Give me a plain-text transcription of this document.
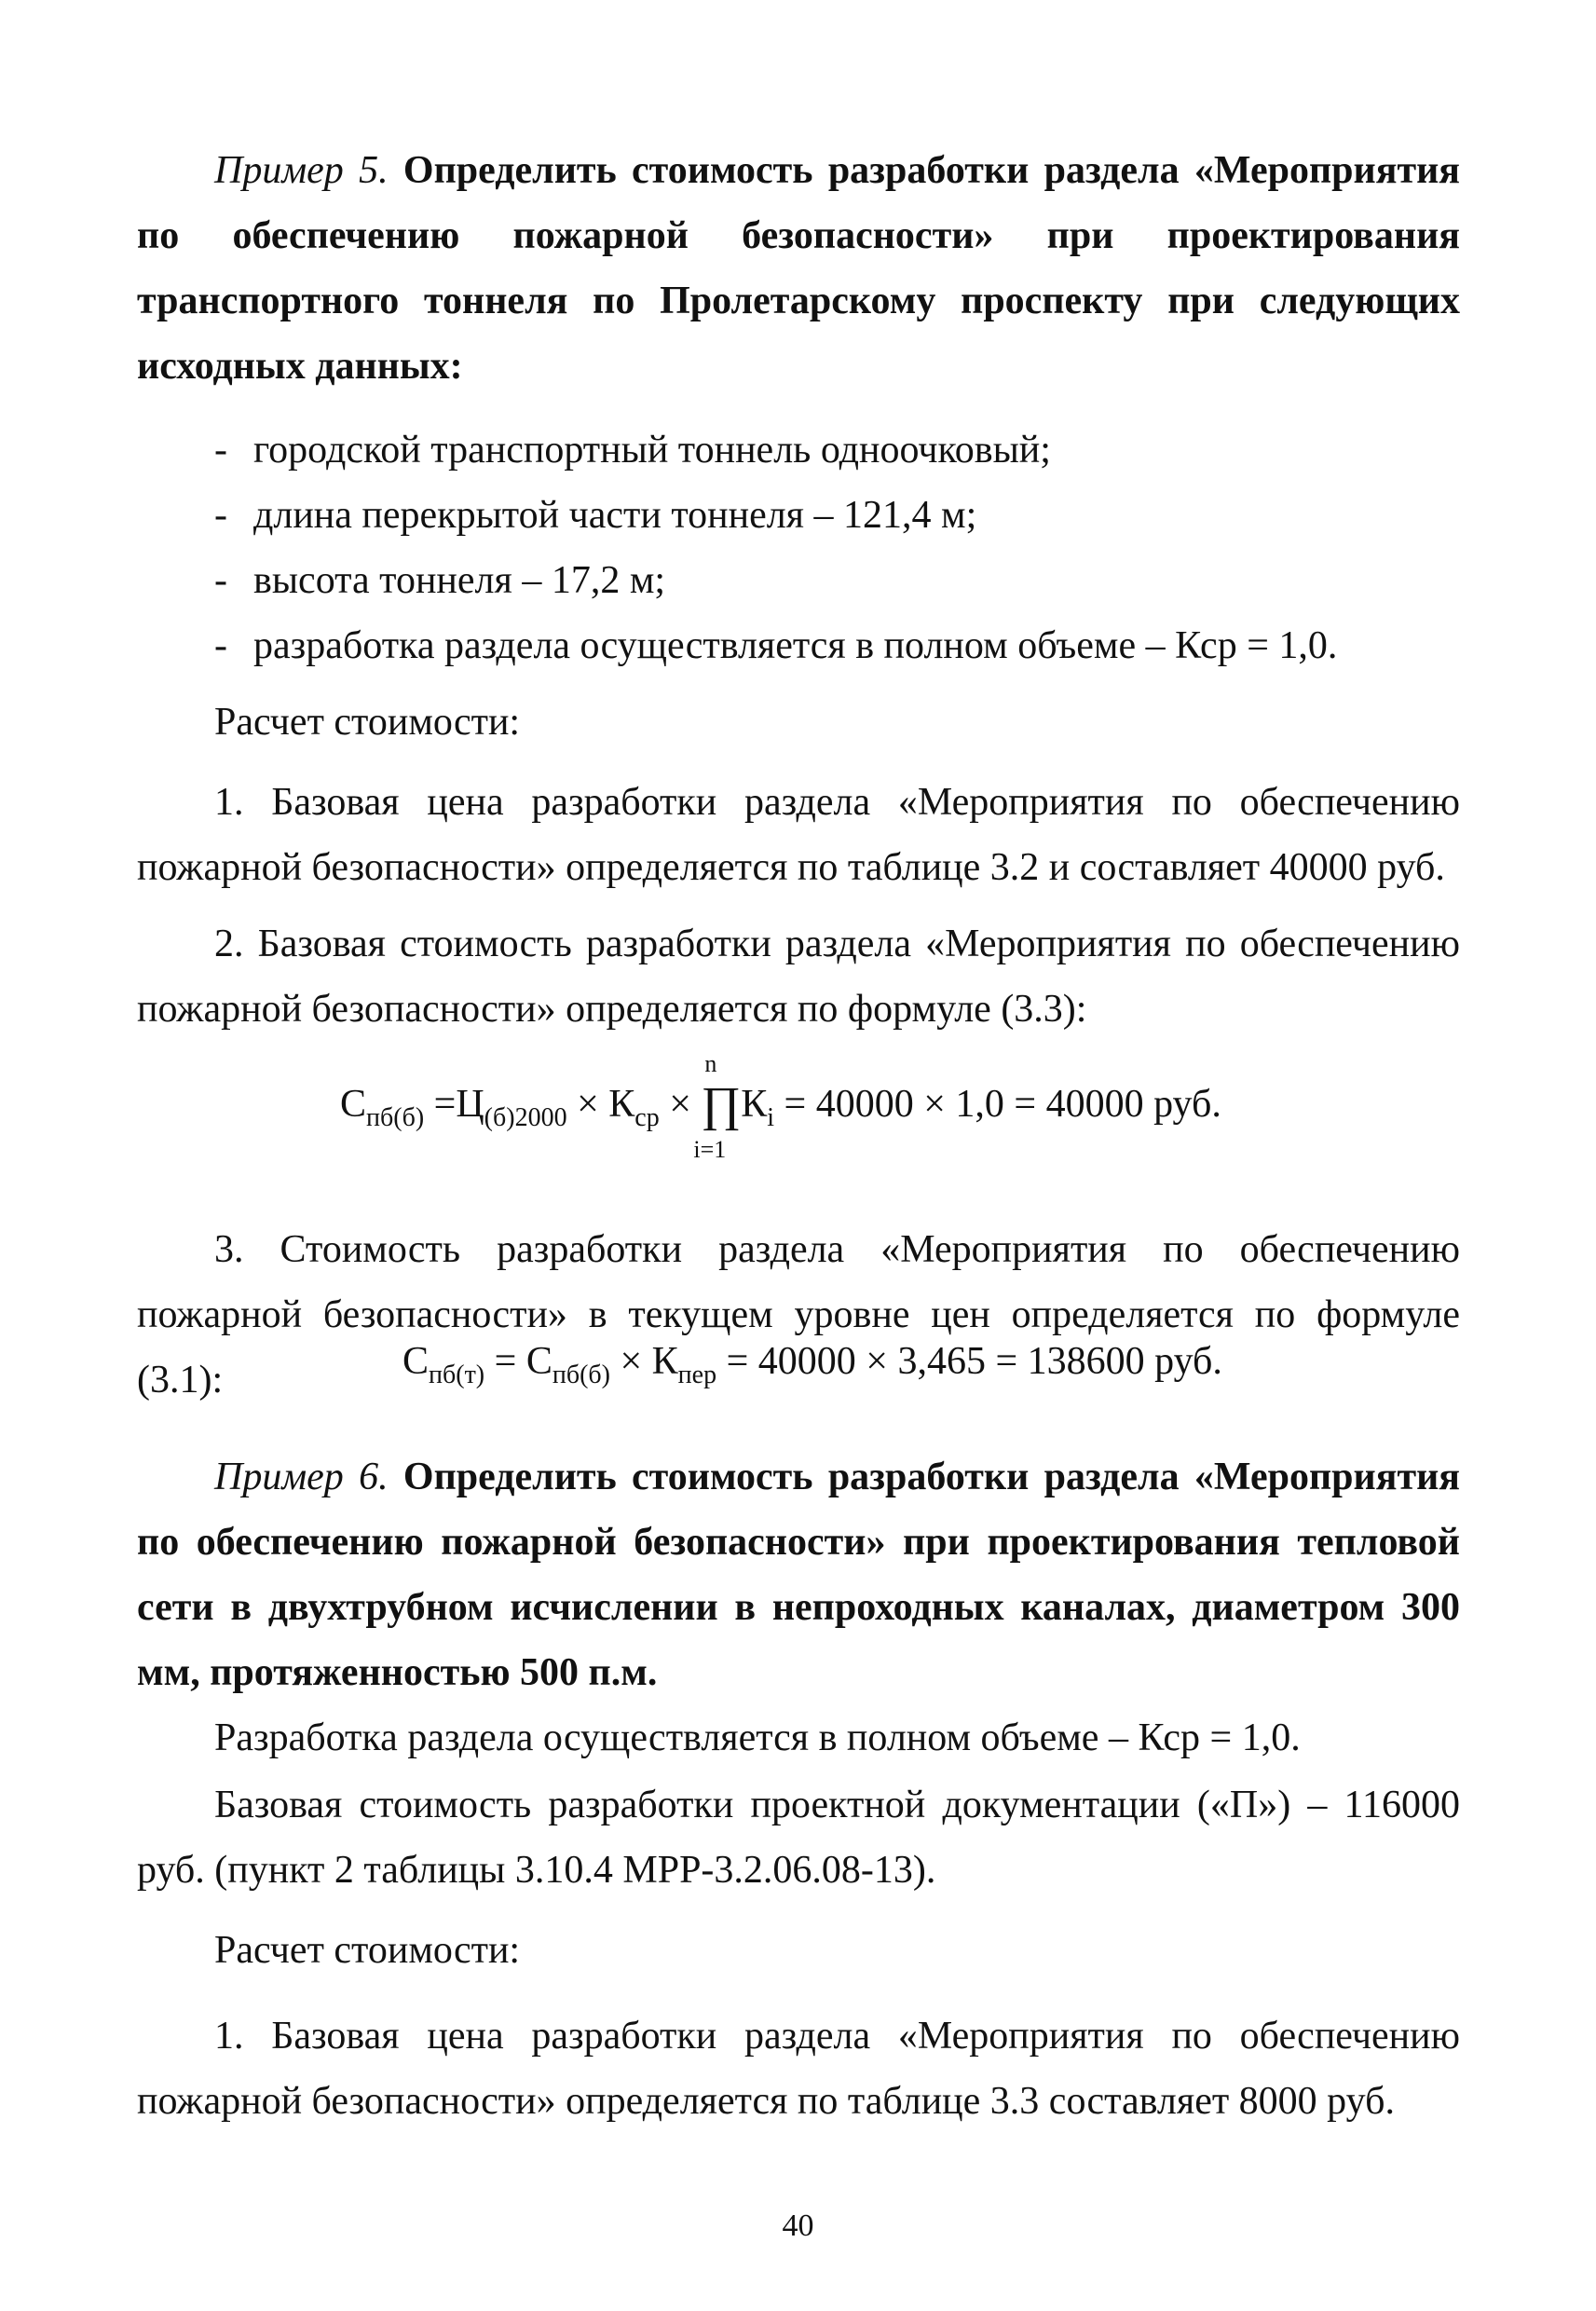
Пример 5. Определить стоимость разработки раздела «Мероприятия по обеспечению пожарной безопасности» при проектирования транспортного тоннеля по Пролетарскому проспекту при следующих исходных данных:

- городской транспортный тоннель одноочковый;
- длина перекрытой части тоннеля – 121,4 м;
- высота тоннеля – 17,2 м;
- разработка раздела осуществляется в полном объеме – Кср = 1,0.

Расчет стоимости:

1. Базовая цена разработки раздела «Мероприятия по обеспечению пожарной безопасности» определяется по таблице 3.2 и составляет 40000 руб.

2. Базовая стоимость разработки раздела «Мероприятия по обеспечению пожарной безопасности» определяется по формуле (3.3):

$С_{пб(б)} =Ц_{(б)2000} \times К_{ср}$ ×
n
∏
i=1
$К_i = 40000 \times 1,0 = 40000$ руб.

3. Стоимость разработки раздела «Мероприятия по обеспечению пожарной безопасности» в текущем уровне цен определяется по формуле (3.1):	$С_{пб(т)} = С_{пб(б)} \times К_{пер} = 40000 \times 3,465 = 138600$ руб.

Пример 6. Определить стоимость разработки раздела «Мероприятия по обеспечению пожарной безопасности» при проектирования тепловой сети в двухтрубном исчислении в непроходных каналах, диаметром 300 мм, протяженностью 500 п.м.

Разработка раздела осуществляется в полном объеме – Кср = 1,0.

Базовая стоимость разработки проектной документации («П») – 116000 руб. (пункт 2 таблицы 3.10.4 МРР-3.2.06.08-13).

Расчет стоимости:

1. Базовая цена разработки раздела «Мероприятия по обеспечению пожарной безопасности» определяется по таблице 3.3 составляет 8000 руб.

40
